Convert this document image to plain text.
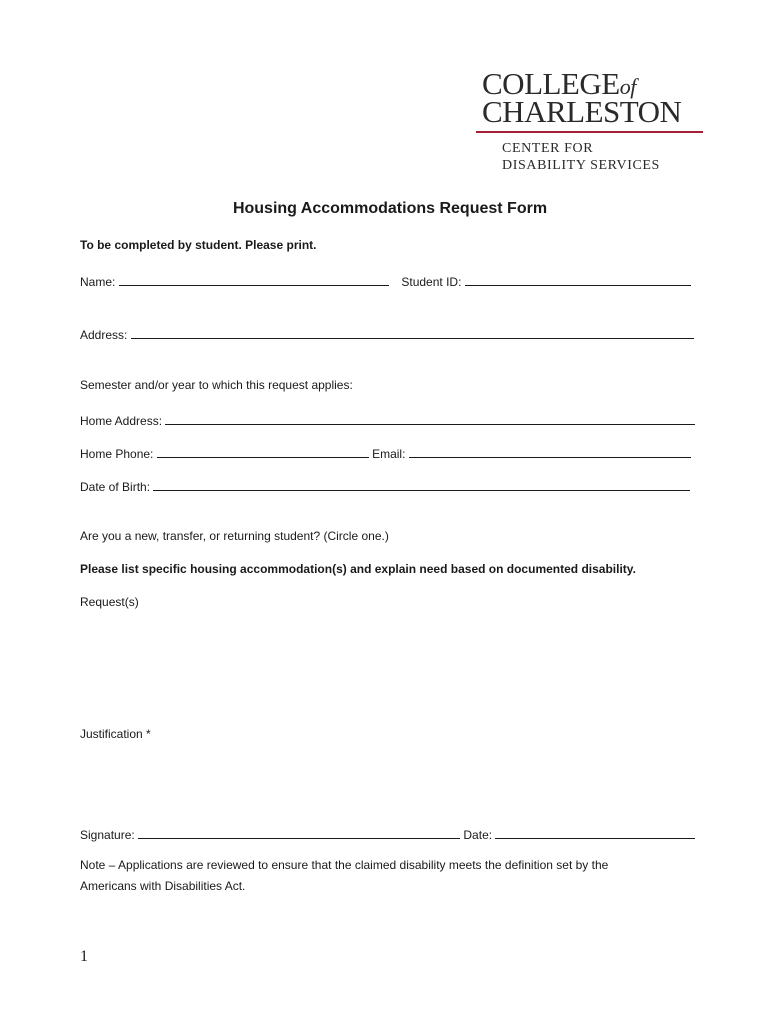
COLLEGEof
CHARLESTON
CENTER FOR
DISABILITY SERVICES
Housing Accommodations Request Form
To be completed by student. Please print.
Name:	Student ID:
Address:
Semester and/or year to which this request applies:
Home Address:
Home Phone:	Email:
Date of Birth:
Are you a new, transfer, or returning student? (Circle one.)
Please list specific housing accommodation(s) and explain need based on documented disability.
Request(s)
Justification *
Signature:	Date:
Note – Applications are reviewed to ensure that the claimed disability meets the definition set by the
Americans with Disabilities Act.
1
